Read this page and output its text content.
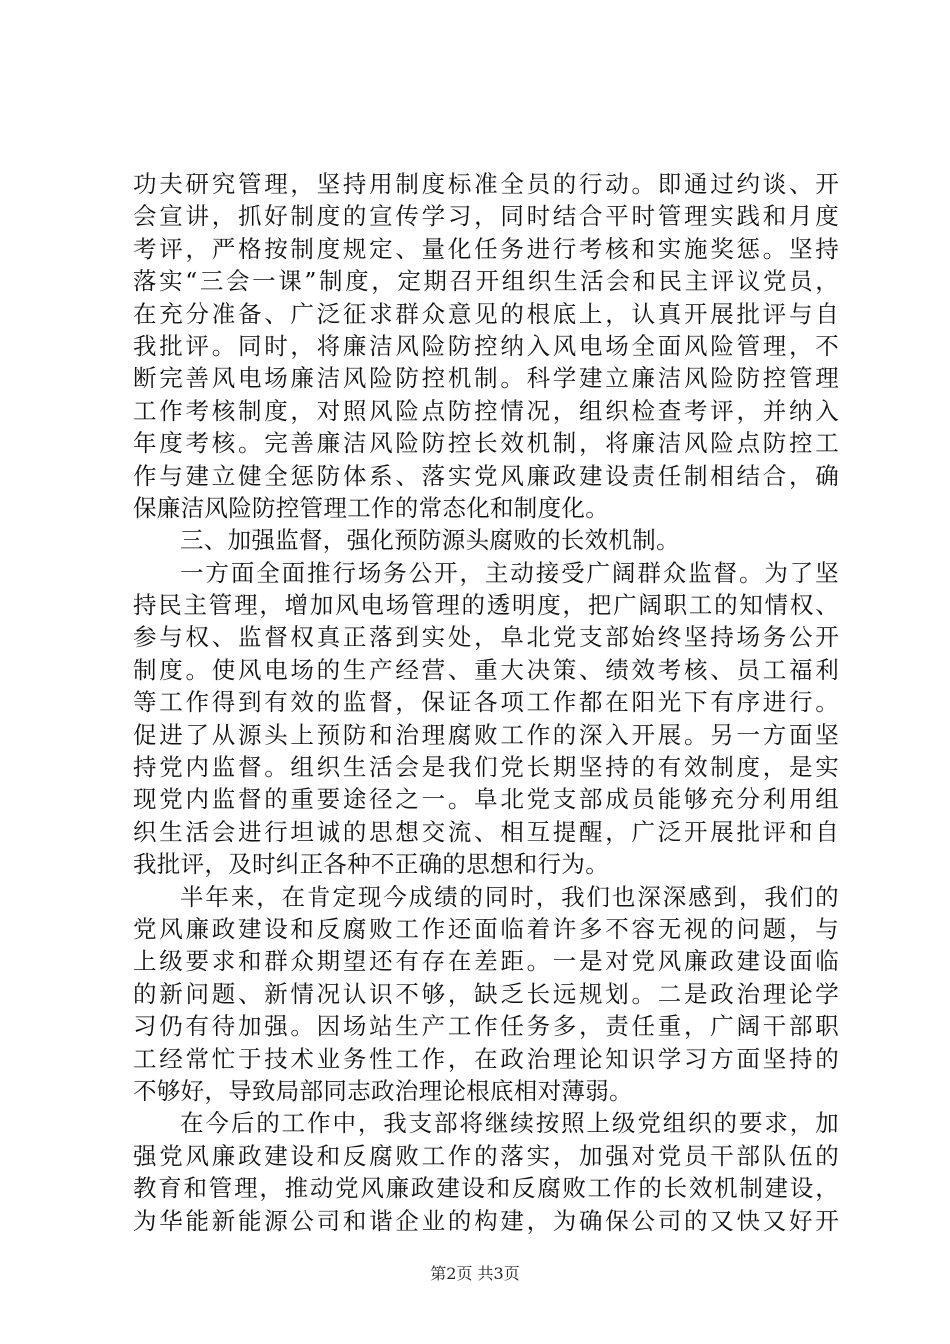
功夫研究管理，坚持用制度标准全员的行动。即通过约谈、开
会宣讲，抓好制度的宣传学习，同时结合平时管理实践和月度
考评，严格按制度规定、量化任务进行考核和实施奖惩。坚持
落实“三会一课”制度，定期召开组织生活会和民主评议党员，
在充分准备、广泛征求群众意见的根底上，认真开展批评与自
我批评。同时，将廉洁风险防控纳入风电场全面风险管理，不
断完善风电场廉洁风险防控机制。科学建立廉洁风险防控管理
工作考核制度，对照风险点防控情况，组织检查考评，并纳入
年度考核。完善廉洁风险防控长效机制，将廉洁风险点防控工
作与建立健全惩防体系、落实党风廉政建设责任制相结合，确
保廉洁风险防控管理工作的常态化和制度化。
三、加强监督，强化预防源头腐败的长效机制。
一方面全面推行场务公开，主动接受广阔群众监督。为了坚
持民主管理，增加风电场管理的透明度，把广阔职工的知情权、
参与权、监督权真正落到实处，阜北党支部始终坚持场务公开
制度。使风电场的生产经营、重大决策、绩效考核、员工福利
等工作得到有效的监督，保证各项工作都在阳光下有序进行。
促进了从源头上预防和治理腐败工作的深入开展。另一方面坚
持党内监督。组织生活会是我们党长期坚持的有效制度，是实
现党内监督的重要途径之一。阜北党支部成员能够充分利用组
织生活会进行坦诚的思想交流、相互提醒，广泛开展批评和自
我批评，及时纠正各种不正确的思想和行为。
半年来，在肯定现今成绩的同时，我们也深深感到，我们的
党风廉政建设和反腐败工作还面临着许多不容无视的问题，与
上级要求和群众期望还有存在差距。一是对党风廉政建设面临
的新问题、新情况认识不够，缺乏长远规划。二是政治理论学
习仍有待加强。因场站生产工作任务多，责任重，广阔干部职
工经常忙于技术业务性工作，在政治理论知识学习方面坚持的
不够好，导致局部同志政治理论根底相对薄弱。
在今后的工作中，我支部将继续按照上级党组织的要求，加
强党风廉政建设和反腐败工作的落实，加强对党员干部队伍的
教育和管理，推动党风廉政建设和反腐败工作的长效机制建设，
为华能新能源公司和谐企业的构建，为确保公司的又快又好开
第2页 共3页
